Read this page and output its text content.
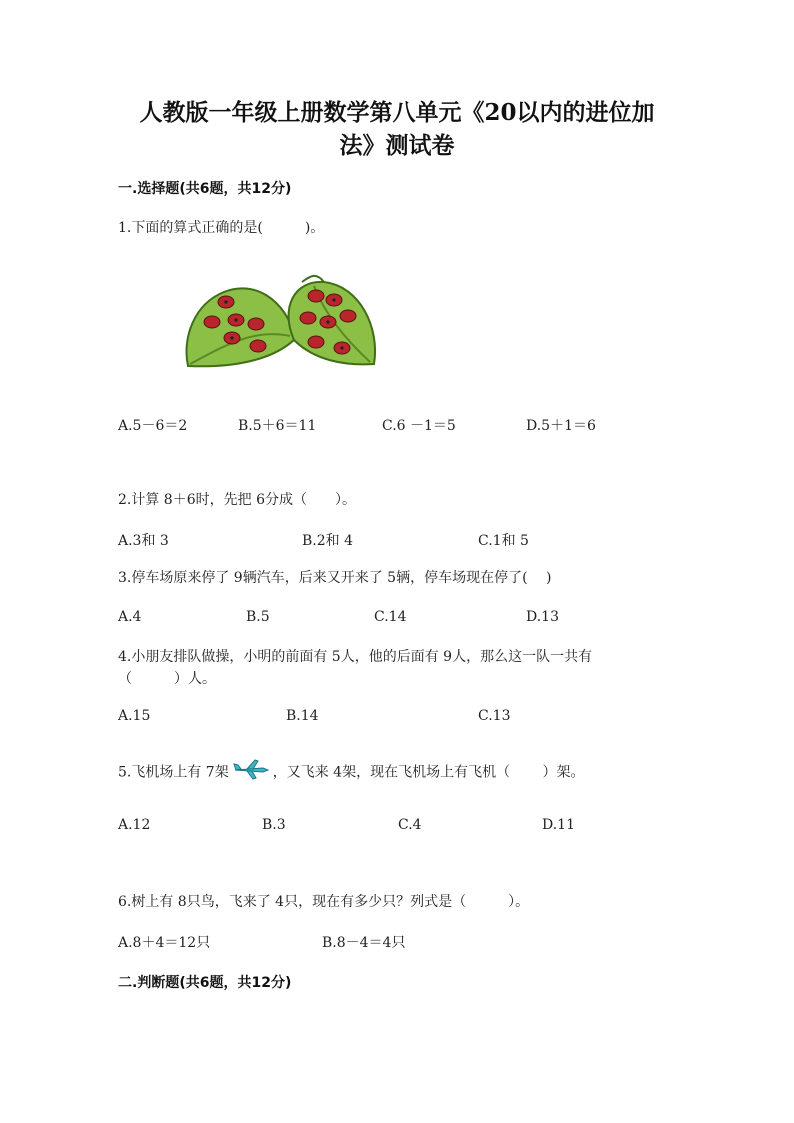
人教版一年级上册数学第八单元《20以内的进位加
法》测试卷
一.选择题(共6题，共12分)
1.下面的算式正确的是(　　　)。
A.5－6＝2	B.5＋6＝11	C.6 －1＝5	D.5＋1＝6
2.计算 8＋6时，先把 6分成（　　）。
A.3和 3	B.2和 4	C.1和 5
3.停车场原来停了 9辆汽车，后来又开来了 5辆，停车场现在停了(　 )
A.4	B.5	C.14	D.13
4.小朋友排队做操，小明的前面有 5人，他的后面有 9人，那么这一队一共有
（　　　）人。
A.15	B.14	C.13
5.飞机场上有 7架	，又飞来 4架，现在飞机场上有飞机（　　 ）架。
A.12	B.3	C.4	D.11
6.树上有 8只鸟，飞来了 4只，现在有多少只？列式是（　　　）。
A.8＋4＝12只	B.8－4＝4只
二.判断题(共6题，共12分)
